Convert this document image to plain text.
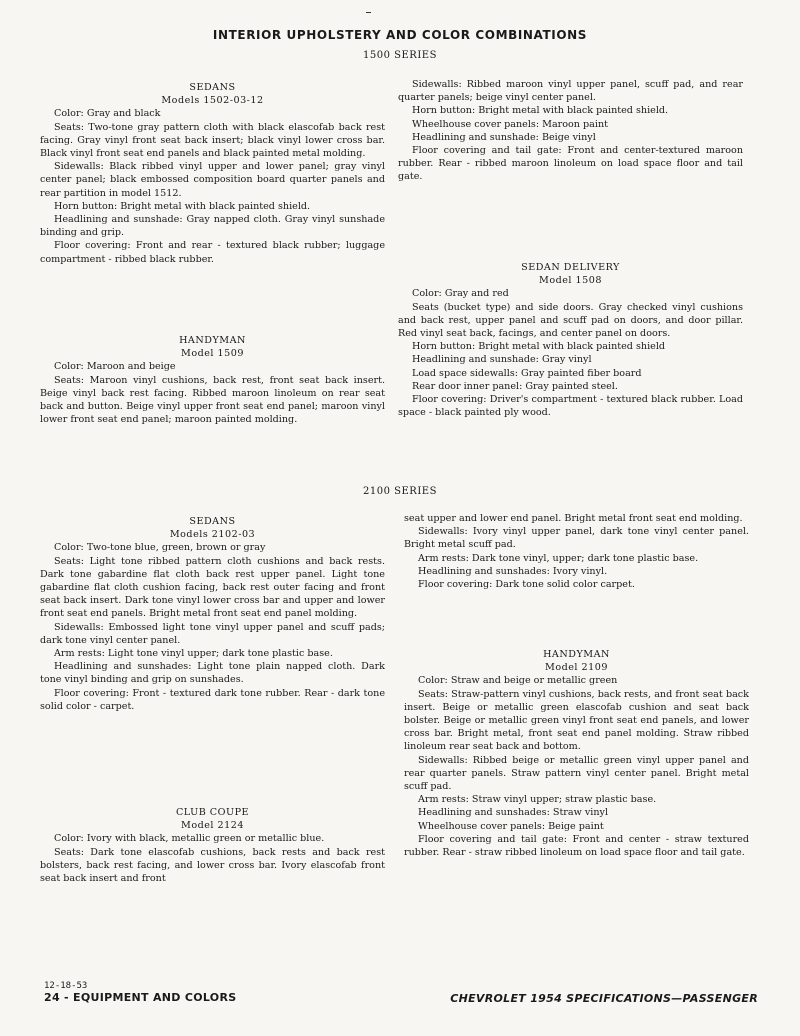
INTERIOR UPHOLSTERY AND COLOR COMBINATIONS
1500 SERIES
SEDANS
Models 1502-03-12

Color: Gray and black

Seats: Two-tone gray pattern cloth with black elascofab back rest facing. Gray vinyl front seat back insert; black vinyl lower cross bar. Black vinyl front seat end panels and black painted metal molding.

Sidewalls: Black ribbed vinyl upper and lower panel; gray vinyl center panel; black embossed composition board quarter panels and rear partition in model 1512.

Horn button: Bright metal with black painted shield.

Headlining and sunshade: Gray napped cloth. Gray vinyl sunshade binding and grip.

Floor covering: Front and rear - textured black rubber; luggage compartment - ribbed black rubber.

HANDYMAN
Model 1509

Color: Maroon and beige

Seats: Maroon vinyl cushions, back rest, front seat back insert. Beige vinyl back rest facing. Ribbed maroon linoleum on rear seat back and button. Beige vinyl upper front seat end panel; maroon vinyl lower front seat end panel; maroon painted molding.

Sidewalls: Ribbed maroon vinyl upper panel, scuff pad, and rear quarter panels; beige vinyl center panel.

Horn button: Bright metal with black painted shield.

Wheelhouse cover panels: Maroon paint

Headlining and sunshade: Beige vinyl

Floor covering and tail gate: Front and center-textured maroon rubber. Rear - ribbed maroon linoleum on load space floor and tail gate.

SEDAN DELIVERY
Model 1508

Color: Gray and red

Seats (bucket type) and side doors. Gray checked vinyl cushions and back rest, upper panel and scuff pad on doors, and door pillar. Red vinyl seat back, facings, and center panel on doors.

Horn button: Bright metal with black painted shield

Headlining and sunshade: Gray vinyl

Load space sidewalls: Gray painted fiber board

Rear door inner panel: Gray painted steel.

Floor covering: Driver's compartment - textured black rubber. Load space - black painted ply wood.

2100 SERIES
SEDANS
Models 2102-03

Color: Two-tone blue, green, brown or gray

Seats: Light tone ribbed pattern cloth cushions and back rests. Dark tone gabardine flat cloth back rest upper panel. Light tone gabardine flat cloth cushion facing, back rest outer facing and front seat back insert. Dark tone vinyl lower cross bar and upper and lower front seat end panels. Bright metal front seat end panel molding.

Sidewalls: Embossed light tone vinyl upper panel and scuff pads; dark tone vinyl center panel.

Arm rests: Light tone vinyl upper; dark tone plastic base.

Headlining and sunshades: Light tone plain napped cloth. Dark tone vinyl binding and grip on sunshades.

Floor covering: Front - textured dark tone rubber. Rear - dark tone solid color - carpet.

CLUB COUPE
Model 2124

Color: Ivory with black, metallic green or metallic blue.

Seats: Dark tone elascofab cushions, back rests and back rest bolsters, back rest facing, and lower cross bar. Ivory elascofab front seat back insert and front

seat upper and lower end panel. Bright metal front seat end molding.

Sidewalls: Ivory vinyl upper panel, dark tone vinyl center panel. Bright metal scuff pad.

Arm rests: Dark tone vinyl, upper; dark tone plastic base.

Headlining and sunshades: Ivory vinyl.

Floor covering: Dark tone solid color carpet.

HANDYMAN
Model 2109

Color: Straw and beige or metallic green

Seats: Straw-pattern vinyl cushions, back rests, and front seat back insert. Beige or metallic green elascofab cushion and seat back bolster. Beige or metallic green vinyl front seat end panels, and lower cross bar. Bright metal, front seat end panel molding. Straw ribbed linoleum rear seat back and bottom.

Sidewalls: Ribbed beige or metallic green vinyl upper panel and rear quarter panels. Straw pattern vinyl center panel. Bright metal scuff pad.

Arm rests: Straw vinyl upper; straw plastic base.

Headlining and sunshades: Straw vinyl

Wheelhouse cover panels: Beige paint

Floor covering and tail gate: Front and center - straw textured rubber. Rear - straw ribbed linoleum on load space floor and tail gate.

12-18-53
24 - EQUIPMENT AND COLORS	CHEVROLET 1954 SPECIFICATIONS—PASSENGER
